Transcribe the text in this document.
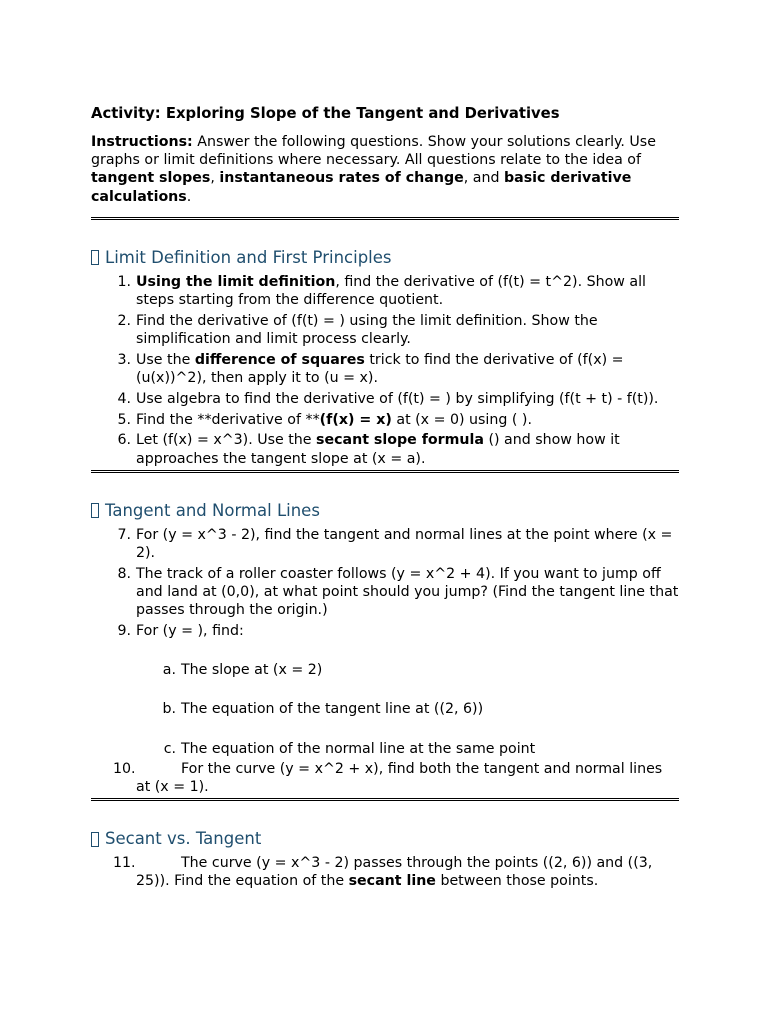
Activity: Exploring Slope of the Tangent and Derivatives

Instructions: Answer the following questions. Show your solutions clearly. Use graphs or limit definitions where necessary. All questions relate to the idea of tangent slopes, instantaneous rates of change, and basic derivative calculations.

Limit Definition and First Principles
1. Using the limit definition, find the derivative of (f(t) = t^2). Show all steps starting from the difference quotient.
2. Find the derivative of (f(t) = ) using the limit definition. Show the simplification and limit process clearly.
3. Use the difference of squares trick to find the derivative of (f(x) = (u(x))^2), then apply it to (u = x).
4. Use algebra to find the derivative of (f(t) = ) by simplifying (f(t + t) - f(t)).
5. Find the **derivative of **(f(x) = x) at (x = 0) using ( ).
6. Let (f(x) = x^3). Use the secant slope formula () and show how it approaches the tangent slope at (x = a).
Tangent and Normal Lines
7. For (y = x^3 - 2), find the tangent and normal lines at the point where (x = 2).
8. The track of a roller coaster follows (y = x^2 + 4). If you want to jump off and land at (0,0), at what point should you jump? (Find the tangent line that passes through the origin.)
9. For (y = ), find:
a. The slope at (x = 2)
b. The equation of the tangent line at ((2, 6))
c. The equation of the normal line at the same point
10.	For the curve (y = x^2 + x), find both the tangent and normal lines at (x = 1).
Secant vs. Tangent
11.	The curve (y = x^3 - 2) passes through the points ((2, 6)) and ((3, 25)). Find the equation of the secant line between those points.
